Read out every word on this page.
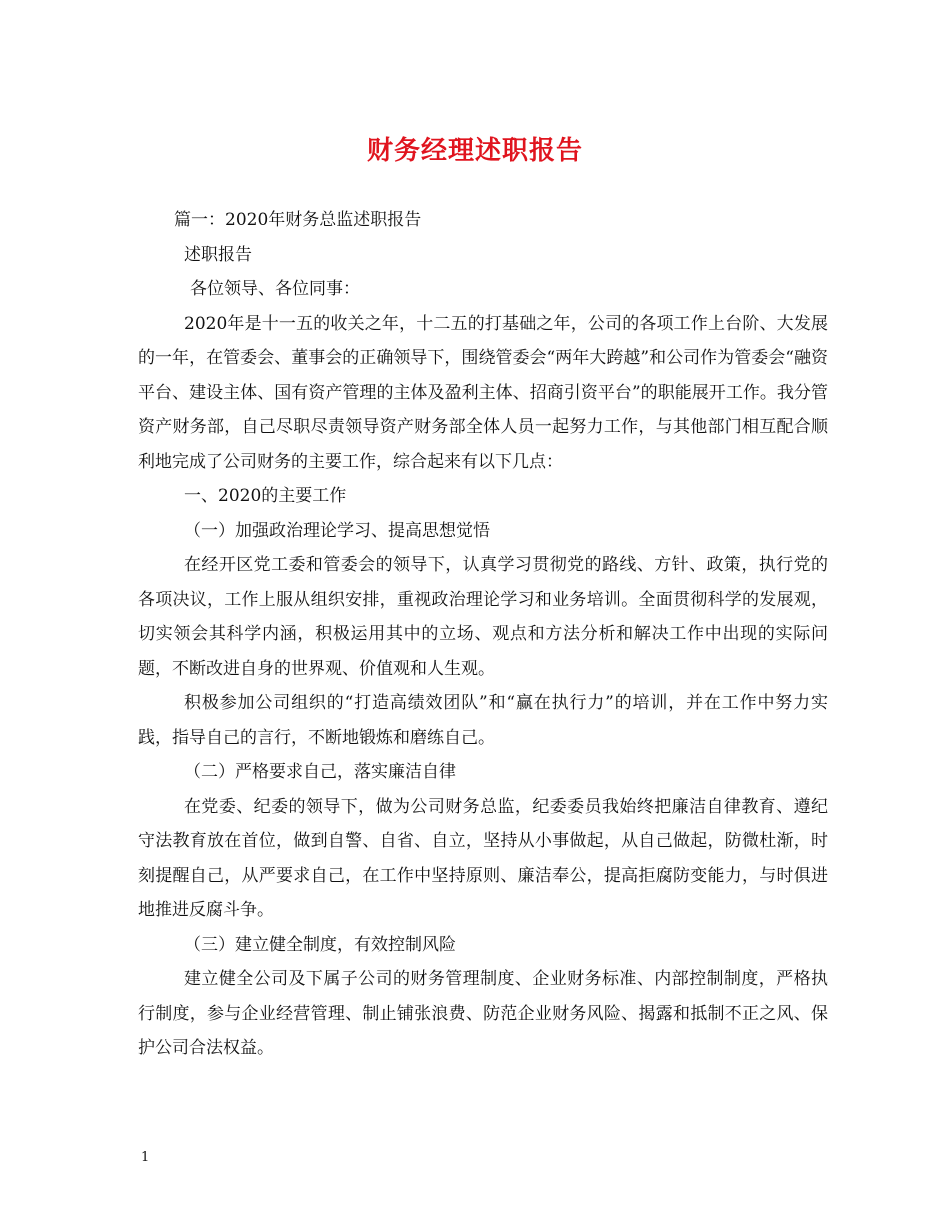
财务经理述职报告
篇一：2020年财务总监述职报告
述职报告
各位领导、各位同事：

2020年是十一五的收关之年，十二五的打基础之年，公司的各项工作上台阶、大发展的一年，在管委会、董事会的正确领导下，围绕管委会“两年大跨越”和公司作为管委会“融资平台、建设主体、国有资产管理的主体及盈利主体、招商引资平台”的职能展开工作。我分管资产财务部，自己尽职尽责领导资产财务部全体人员一起努力工作，与其他部门相互配合顺利地完成了公司财务的主要工作，综合起来有以下几点：

一、2020的主要工作
（一）加强政治理论学习、提高思想觉悟

在经开区党工委和管委会的领导下，认真学习贯彻党的路线、方针、政策，执行党的各项决议，工作上服从组织安排，重视政治理论学习和业务培训。全面贯彻科学的发展观，切实领会其科学内涵，积极运用其中的立场、观点和方法分析和解决工作中出现的实际问题，不断改进自身的世界观、价值观和人生观。

积极参加公司组织的“打造高绩效团队”和“赢在执行力”的培训，并在工作中努力实践，指导自己的言行，不断地锻炼和磨练自己。

（二）严格要求自己，落实廉洁自律

在党委、纪委的领导下，做为公司财务总监，纪委委员我始终把廉洁自律教育、遵纪守法教育放在首位，做到自警、自省、自立，坚持从小事做起，从自己做起，防微杜渐，时刻提醒自己，从严要求自己，在工作中坚持原则、廉洁奉公，提高拒腐防变能力，与时俱进地推进反腐斗争。

（三）建立健全制度，有效控制风险

建立健全公司及下属子公司的财务管理制度、企业财务标准、内部控制制度，严格执行制度，参与企业经营管理、制止铺张浪费、防范企业财务风险、揭露和抵制不正之风、保护公司合法权益。

1
